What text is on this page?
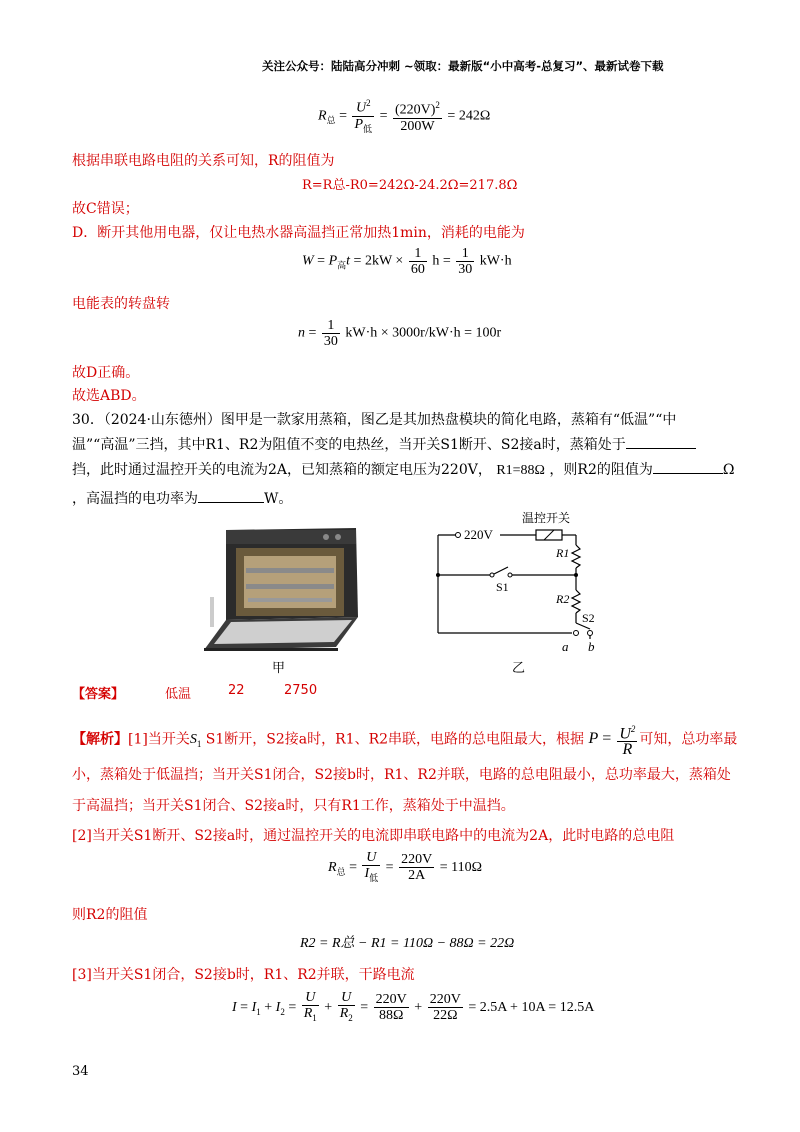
关注公众号：陆陆高分冲刺 ~领取：最新版“小中高考-总复习”、最新试卷下载
$R_总 = \frac{U^2}{P_低} = \frac{(220V)^2}{200W} = 242\Omega$
根据串联电路电阻的关系可知，R的阻值为
R=R总-R0=242Ω-24.2Ω=217.8Ω
故C错误；
D．断开其他用电器，仅让电热水器高温挡正常加热1min，消耗的电能为
$W = P_高t = 2kW \times \frac{1}{60}$ $h = \frac{1}{30} kW\cdot h$
电能表的转盘转
$n = \frac{1}{30} kW\cdot h \times 3000r/kW\cdot h = 100r$
故D正确。
故选ABD。
30．（2024·山东德州）图甲是一款家用蒸箱，图乙是其加热盘模块的简化电路，蒸箱有“低温”“中
温”“高温”三挡，其中R1、R2为阻值不变的电热丝，当开关S1断开、S2接a时，蒸箱处于
挡，此时通过温控开关的电流为2A，已知蒸箱的额定电压为220V， R1=88Ω ，则R2的阻值为	Ω
，高温挡的电功率为	W。
甲
220V
温控开关
R1
R2
S1
S2
a b
乙
【答案】	低温	22	2750
【解析】[1]当开关$S_1$ S1断开，S2接a时，R1、R2串联，电路的总电阻最大，根据 $P = \frac{U^2}{R}$ 可知，总功率最
小，蒸箱处于低温挡；当开关S1闭合，S2接b时，R1、R2并联，电路的总电阻最小，总功率最大，蒸箱处
于高温挡；当开关S1闭合、S2接a时，只有R1工作，蒸箱处于中温挡。
[2]当开关S1断开、S2接a时，通过温控开关的电流即串联电路中的电流为2A，此时电路的总电阻
$R_总 = \frac{U}{I_低} = \frac{220V}{2A} = 110\Omega$
则R2的阻值
R2 = R总 − R1 = 110Ω − 88Ω = 22Ω
[3]当开关S1闭合，S2接b时，R1、R2并联，干路电流
$I = I_1 + I_2 = \frac{U}{R_1} + \frac{U}{R_2} = \frac{220V}{88\Omega} + \frac{220V}{22\Omega} = 2.5A + 10A = 12.5A$
34
